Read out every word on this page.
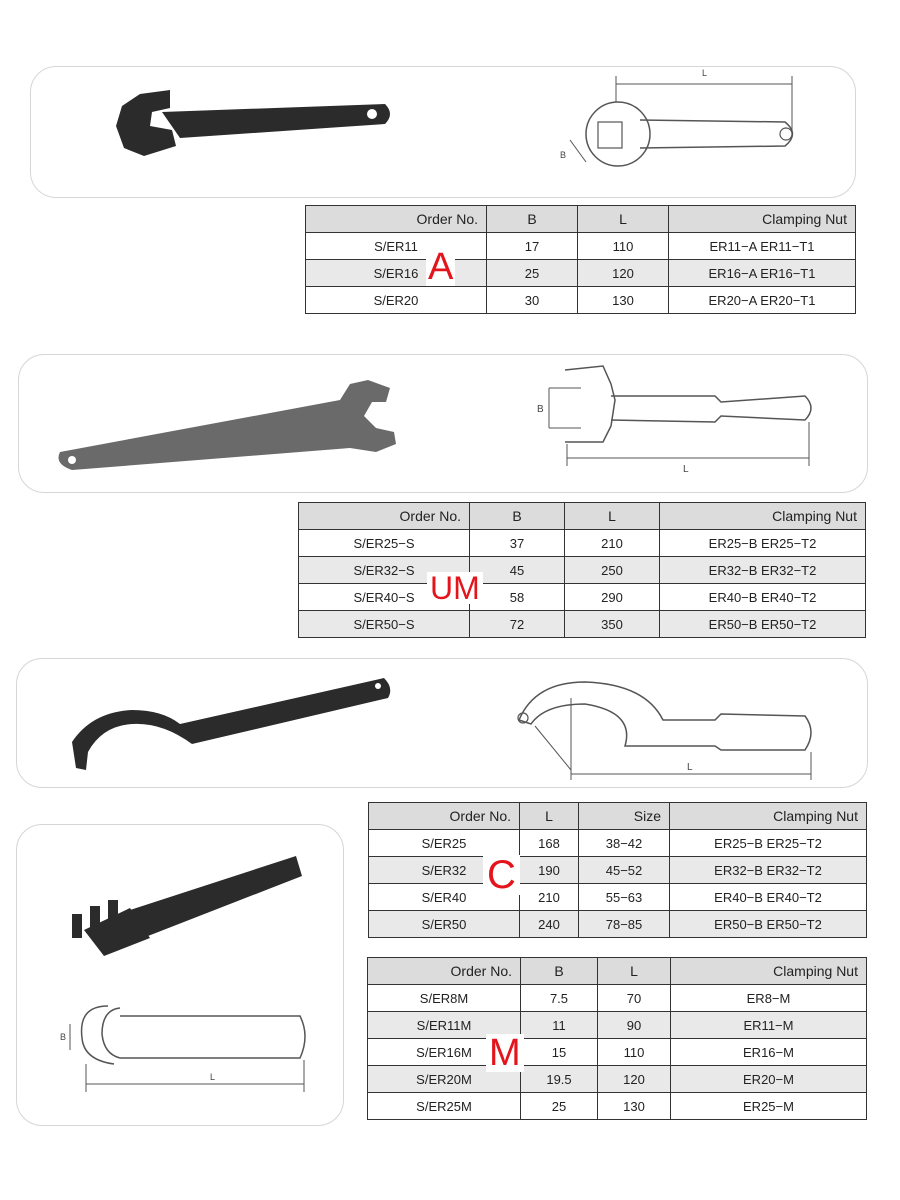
L
B
Order No.	B	L	Clamping Nut
S/ER11	17	110	ER11−A ER11−T1
S/ER16	25	120	ER16−A ER16−T1
S/ER20	30	130	ER20−A ER20−T1
A
B
L
Order No.	B	L	Clamping Nut
S/ER25−S	37	210	ER25−B ER25−T2
S/ER32−S	45	250	ER32−B ER32−T2
S/ER40−S	58	290	ER40−B ER40−T2
S/ER50−S	72	350	ER50−B ER50−T2
UM
L
Order No.	L	Size	Clamping Nut
S/ER25	168	38−42	ER25−B ER25−T2
S/ER32	190	45−52	ER32−B ER32−T2
S/ER40	210	55−63	ER40−B ER40−T2
S/ER50	240	78−85	ER50−B ER50−T2
C
B
L
Order No.	B	L	Clamping Nut
S/ER8M	7.5	70	ER8−M
S/ER11M	11	90	ER11−M
S/ER16M	15	110	ER16−M
S/ER20M	19.5	120	ER20−M
S/ER25M	25	130	ER25−M
M
